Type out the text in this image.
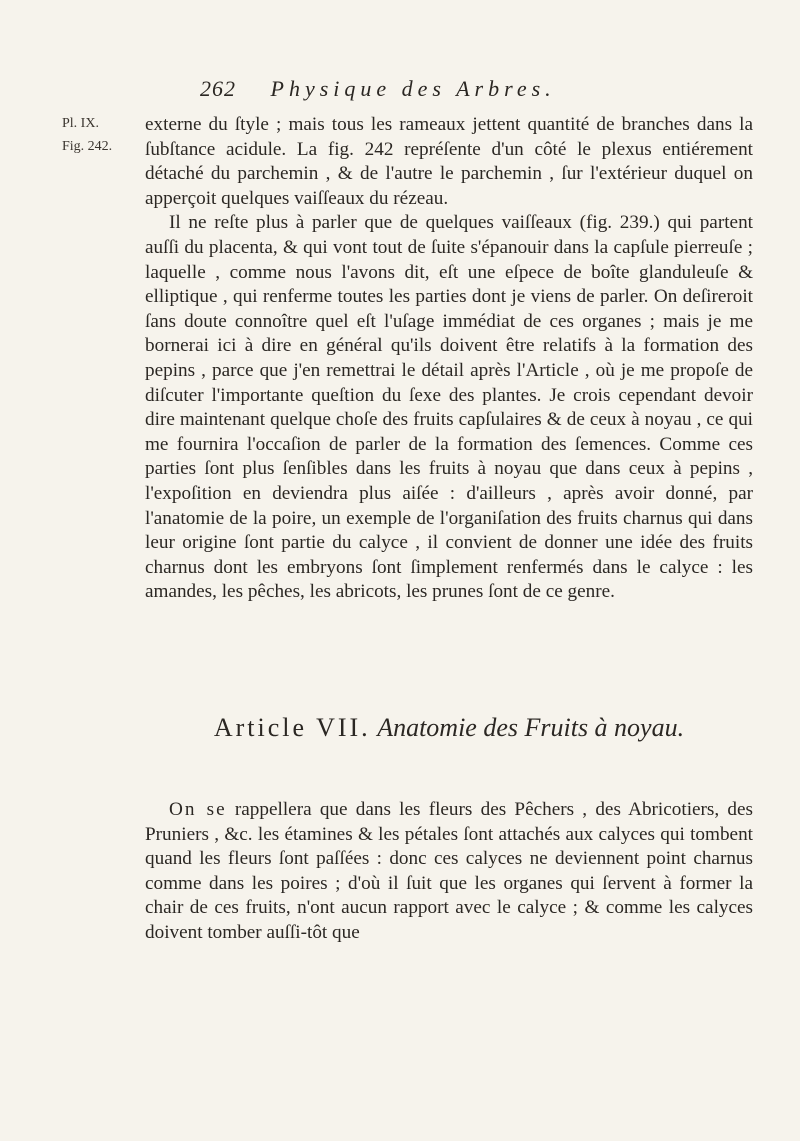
262 Physique des Arbres.
Pl. IX.
Fig. 242.

externe du ſtyle ; mais tous les rameaux jettent quantité de branches dans la ſubſtance acidule. La fig. 242 repréſente d'un côté le plexus entiérement détaché du parchemin , & de l'autre le parchemin , ſur l'extérieur duquel on apperçoit quelques vaiſſeaux du rézeau.

Il ne reſte plus à parler que de quelques vaiſſeaux (fig. 239.) qui partent auſſi du placenta, & qui vont tout de ſuite s'épanouir dans la capſule pierreuſe ; laquelle , comme nous l'avons dit, eſt une eſpece de boîte glanduleuſe & elliptique , qui renferme toutes les parties dont je viens de parler. On deſireroit ſans doute connoître quel eſt l'uſage immédiat de ces organes ; mais je me bornerai ici à dire en général qu'ils doivent être relatifs à la formation des pepins , parce que j'en remettrai le détail après l'Article , où je me propoſe de diſcuter l'importante queſtion du ſexe des plantes. Je crois cependant devoir dire maintenant quelque choſe des fruits capſulaires & de ceux à noyau , ce qui me fournira l'occaſion de parler de la formation des ſemences. Comme ces parties ſont plus ſenſibles dans les fruits à noyau que dans ceux à pepins , l'expoſition en deviendra plus aiſée : d'ailleurs , après avoir donné, par l'anatomie de la poire, un exemple de l'organiſation des fruits charnus qui dans leur origine ſont partie du calyce , il convient de donner une idée des fruits charnus dont les embryons ſont ſimplement renfermés dans le calyce : les amandes, les pêches, les abricots, les prunes ſont de ce genre.

Article VII. Anatomie des Fruits à noyau.

On se rappellera que dans les fleurs des Pêchers , des Abricotiers, des Pruniers , &c. les étamines & les pétales ſont attachés aux calyces qui tombent quand les fleurs ſont paſſées : donc ces calyces ne deviennent point charnus comme dans les poires ; d'où il ſuit que les organes qui ſervent à former la chair de ces fruits, n'ont aucun rapport avec le calyce ; & comme les calyces doivent tomber auſſi-tôt que
